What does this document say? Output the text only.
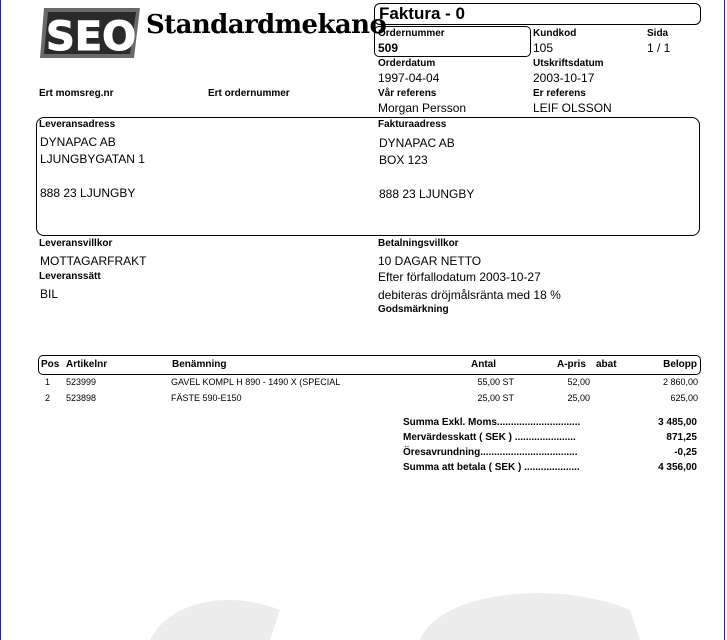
SEO Standardmekano
Faktura - 0
Ordernummer
509
Kundkod
105
Sida
1 / 1
Orderdatum
1997-04-04
Utskriftsdatum
2003-10-17
Ert momsreg.nr	Ert ordernummer	Vår referens
Morgan Persson
Er referens
LEIF OLSSON
Leveransadress
DYNAPAC AB
LJUNGBYGATAN 1
888 23 LJUNGBY
Fakturaadress
DYNAPAC AB
BOX 123
888 23 LJUNGBY
Leveransvillkor
MOTTAGARFRAKT
Leveranssätt
BIL
Betalningsvillkor
10 DAGAR NETTO
Efter förfallodatum 2003-10-27
debiteras dröjmålsränta med 18 %
Godsmärkning
Pos Artikelnr	Benämning	Antal	A-pris abat	Belopp
1 523999	GAVEL KOMPL H 890 - 1490 X (SPECIAL	55,00 ST	52,00	2 860,00
2 523898	FÄSTE 590-E150	25,00 ST	25,00	625,00
Summa Exkl. Moms..............................	3 485,00
Mervärdesskatt ( SEK ) ......................	871,25
Öresavrundning...................................	-0,25
Summa att betala ( SEK ) ....................	4 356,00
